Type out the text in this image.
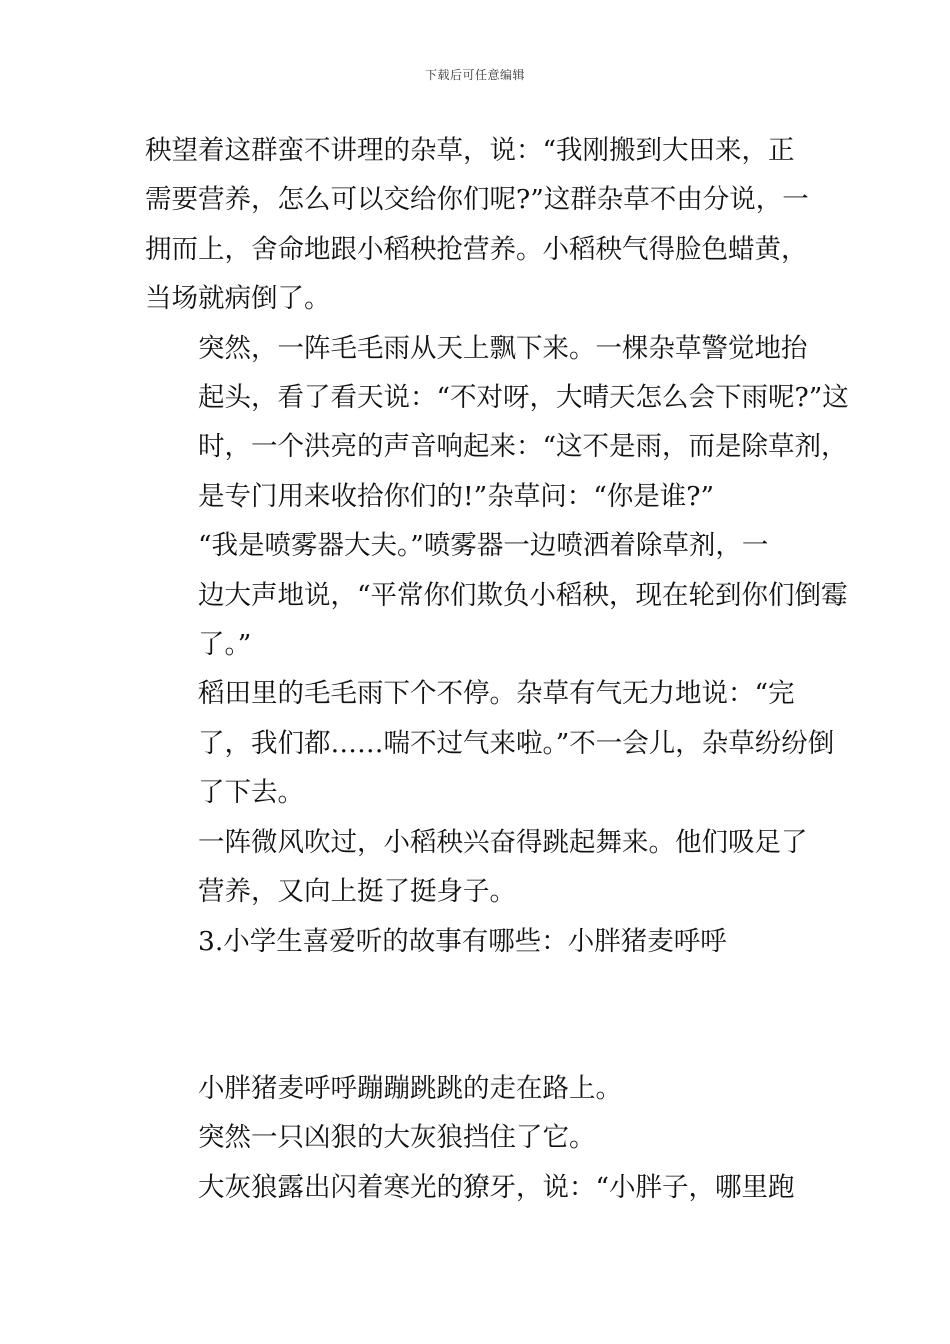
下载后可任意编辑

秧望着这群蛮不讲理的杂草，说：“我刚搬到大田来，正
需要营养，怎么可以交给你们呢?”这群杂草不由分说，一
拥而上，舍命地跟小稻秧抢营养。小稻秧气得脸色蜡黄，
当场就病倒了。

突然，一阵毛毛雨从天上飘下来。一棵杂草警觉地抬
起头，看了看天说：“不对呀，大晴天怎么会下雨呢?”这
时，一个洪亮的声音响起来：“这不是雨，而是除草剂，
是专门用来收拾你们的!”杂草问：“你是谁?”

“我是喷雾器大夫。”喷雾器一边喷洒着除草剂，一
边大声地说，“平常你们欺负小稻秧，现在轮到你们倒霉
了。”

稻田里的毛毛雨下个不停。杂草有气无力地说：“完
了，我们都……喘不过气来啦。”不一会儿，杂草纷纷倒
了下去。

一阵微风吹过，小稻秧兴奋得跳起舞来。他们吸足了
营养，又向上挺了挺身子。

3.小学生喜爱听的故事有哪些：小胖猪麦呼呼

小胖猪麦呼呼蹦蹦跳跳的走在路上。

突然一只凶狠的大灰狼挡住了它。

大灰狼露出闪着寒光的獠牙，说：“小胖子，哪里跑
